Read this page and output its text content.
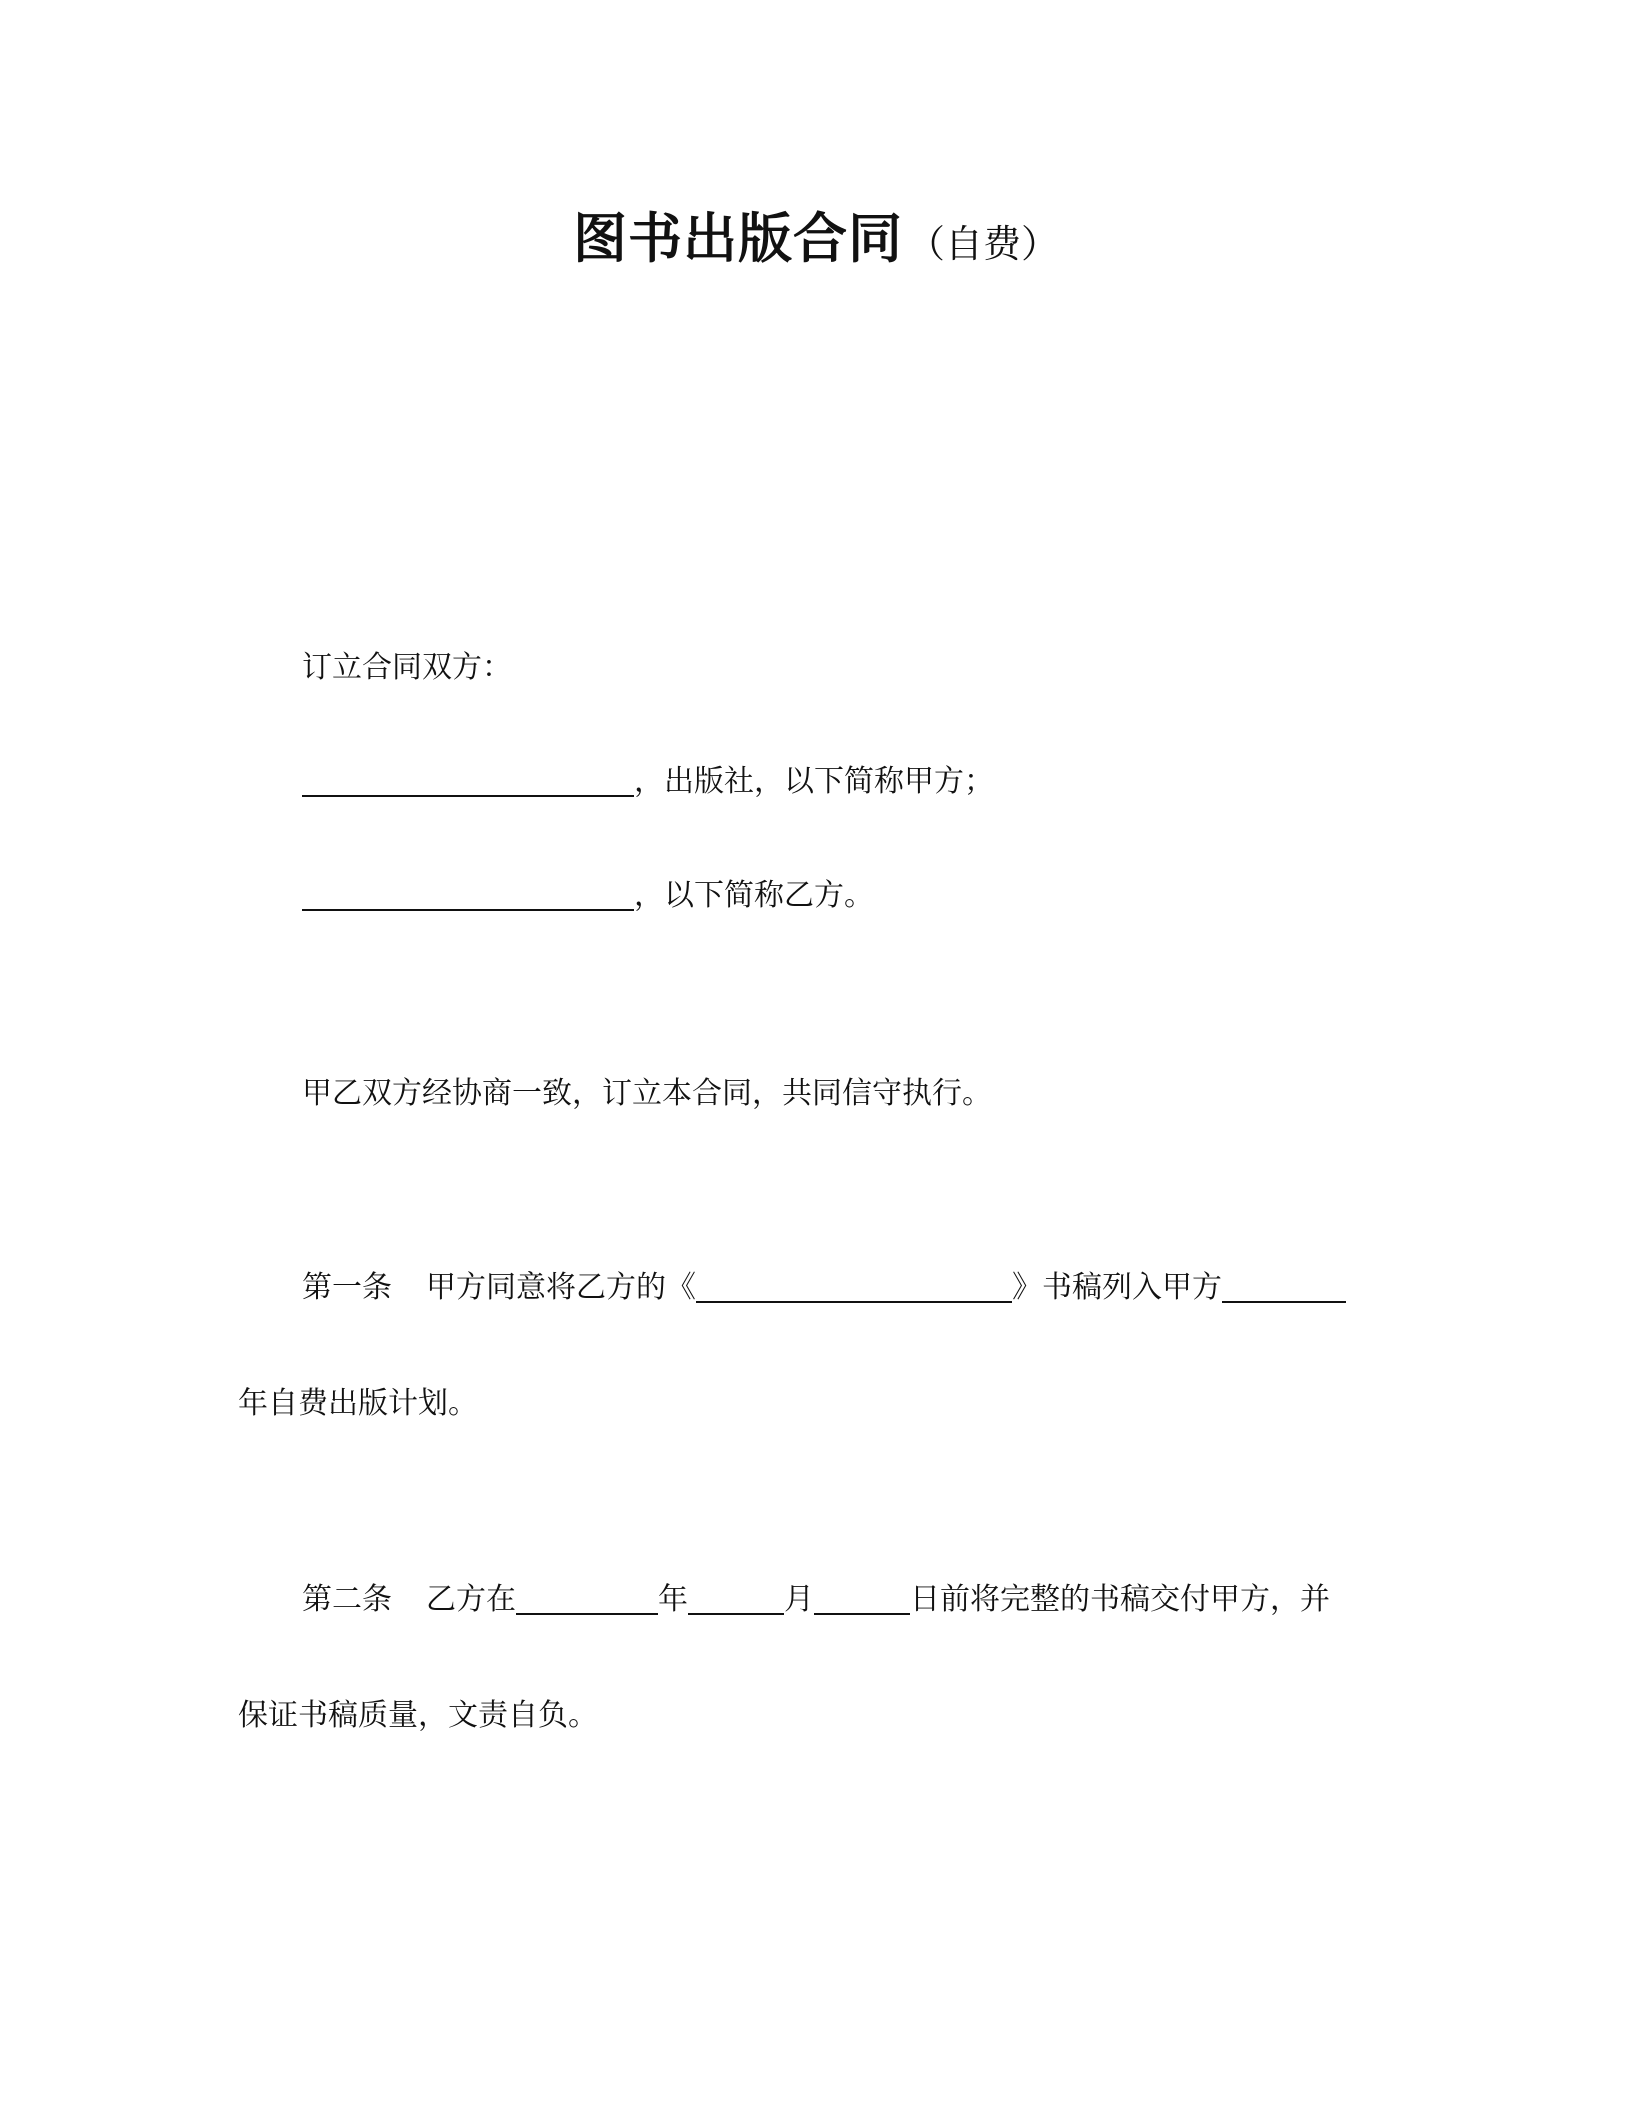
图书出版合同 （自费）
订立合同双方：
，出版社，以下简称甲方；
，以下简称乙方。
甲乙双方经协商一致，订立本合同，共同信守执行。
第一条 甲方同意将乙方的《	》书稿列入甲方
年自费出版计划。
第二条 乙方在	年	月	日前将完整的书稿交付甲方，并
保证书稿质量，文责自负。
